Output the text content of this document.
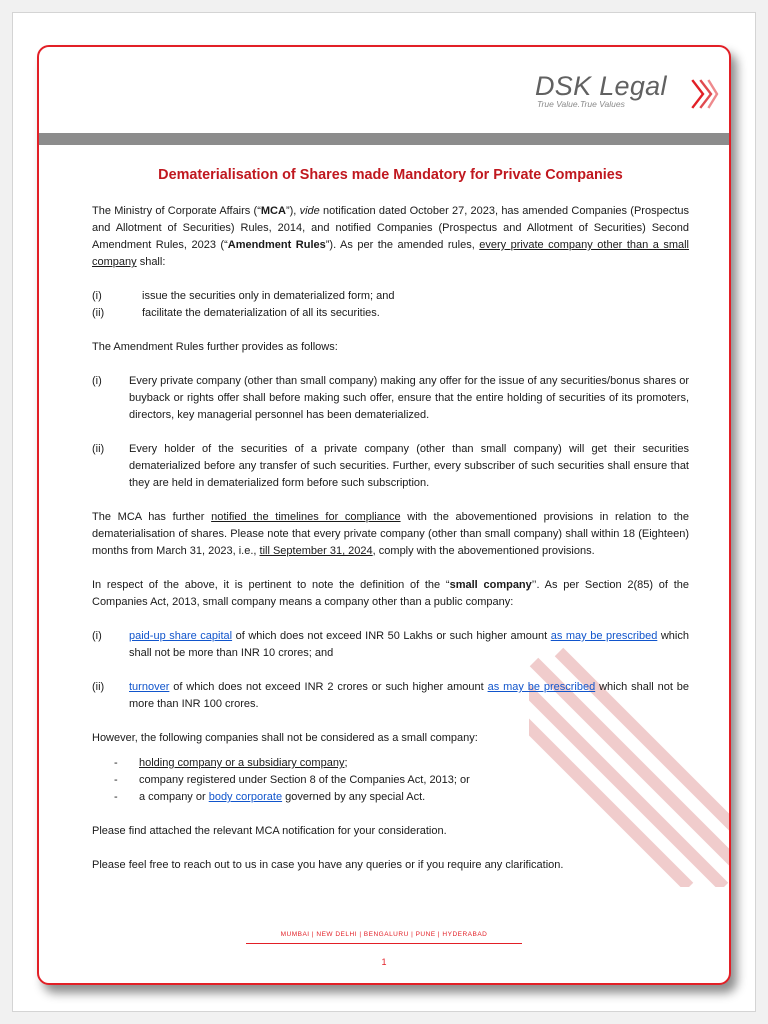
DSK Legal
True Value.True Values
Dematerialisation of Shares made Mandatory for Private Companies

The Ministry of Corporate Affairs (“MCA”), vide notification dated October 27, 2023, has amended Companies (Prospectus and Allotment of Securities) Rules, 2014, and notified Companies (Prospectus and Allotment of Securities) Second Amendment Rules, 2023 (“Amendment Rules”). As per the amended rules, every private company other than a small company shall:

(i)	issue the securities only in dematerialized form; and
(ii)	facilitate the dematerialization of all its securities.

The Amendment Rules further provides as follows:

(i)	Every private company (other than small company) making any offer for the issue of any securities/bonus shares or buyback or rights offer shall before making such offer, ensure that the entire holding of securities of its promoters, directors, key managerial personnel has been dematerialized.
(ii)	Every holder of the securities of a private company (other than small company) will get their securities dematerialized before any transfer of such securities. Further, every subscriber of such securities shall ensure that they are held in dematerialized form before such subscription.

The MCA has further notified the timelines for compliance with the abovementioned provisions in relation to the dematerialisation of shares. Please note that every private company (other than small company) shall within 18 (Eighteen) months from March 31, 2023, i.e., till September 31, 2024, comply with the abovementioned provisions.

In respect of the above, it is pertinent to note the definition of the “small company’’. As per Section 2(85) of the Companies Act, 2013, small company means a company other than a public company:

(i)	paid-up share capital of which does not exceed INR 50 Lakhs or such higher amount as may be prescribed which shall not be more than INR 10 crores; and
(ii)	turnover of which does not exceed INR 2 crores or such higher amount as may be prescribed which shall not be more than INR 100 crores.

However, the following companies shall not be considered as a small company:

-	holding company or a subsidiary company;
-	company registered under Section 8 of the Companies Act, 2013; or
-	a company or body corporate governed by any special Act.

Please find attached the relevant MCA notification for your consideration.

Please feel free to reach out to us in case you have any queries or if you require any clarification.

MUMBAI | NEW DELHI | BENGALURU | PUNE | HYDERABAD
1
